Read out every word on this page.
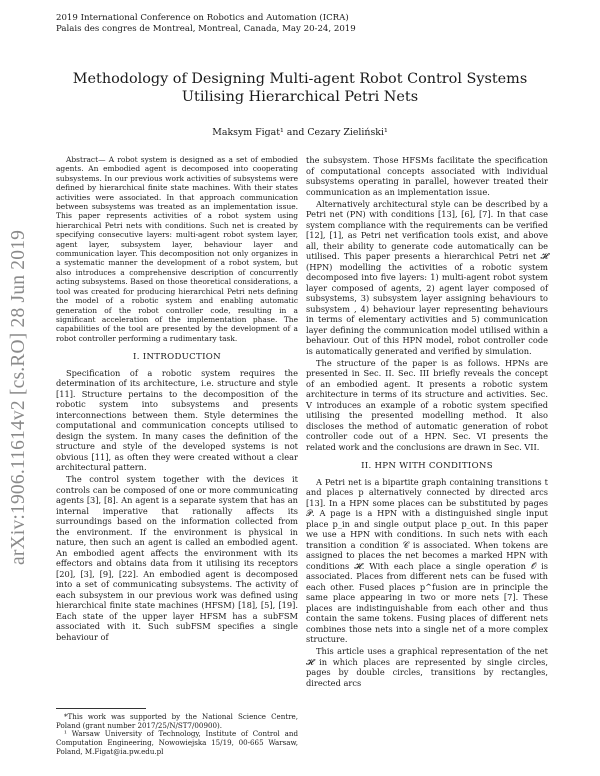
2019 International Conference on Robotics and Automation (ICRA)
Palais des congres de Montreal, Montreal, Canada, May 20-24, 2019
arXiv:1906.11614v2 [cs.RO] 28 Jun 2019
Methodology of Designing Multi-agent Robot Control Systems Utilising Hierarchical Petri Nets
Maksym Figat¹ and Cezary Zieliński¹

Abstract— A robot system is designed as a set of embodied agents. An embodied agent is decomposed into cooperating subsystems. In our previous work activities of subsystems were defined by hierarchical finite state machines. With their states activities were associated. In that approach communication between subsystems was treated as an implementation issue. This paper represents activities of a robot system using hierarchical Petri nets with conditions. Such net is created by specifying consecutive layers: multi-agent robot system layer, agent layer, subsystem layer, behaviour layer and communication layer. This decomposition not only organizes in a systematic manner the development of a robot system, but also introduces a comprehensive description of concurrently acting subsystems. Based on those theoretical considerations, a tool was created for producing hierarchical Petri nets defining the model of a robotic system and enabling automatic generation of the robot controller code, resulting in a significant acceleration of the implementation phase. The capabilities of the tool are presented by the development of a robot controller performing a rudimentary task.

I. INTRODUCTION

Specification of a robotic system requires the determination of its architecture, i.e. structure and style [11]. Structure pertains to the decomposition of the robotic system into subsystems and presents interconnections between them. Style determines the computational and communication concepts utilised to design the system. In many cases the definition of the structure and style of the developed systems is not obvious [11], as often they were created without a clear architectural pattern.

The control system together with the devices it controls can be composed of one or more communicating agents [3], [8]. An agent is a separate system that has an internal imperative that rationally affects its surroundings based on the information collected from the environment. If the environment is physical in nature, then such an agent is called an embodied agent. An embodied agent affects the environment with its effectors and obtains data from it utilising its receptors [20], [3], [9], [22]. An embodied agent is decomposed into a set of communicating subsystems. The activity of each subsystem in our previous work was defined using hierarchical finite state machines (HFSM) [18], [5], [19]. Each state of the upper layer HFSM has a subFSM associated with it. Such subFSM specifies a single behaviour of

the subsystem. Those HFSMs facilitate the specification of computational concepts associated with individual subsystems operating in parallel, however treated their communication as an implementation issue.

Alternatively architectural style can be described by a Petri net (PN) with conditions [13], [6], [7]. In that case system compliance with the requirements can be verified [12], [1], as Petri net verification tools exist, and above all, their ability to generate code automatically can be utilised. This paper presents a hierarchical Petri net 𝓗 (HPN) modelling the activities of a robotic system decomposed into five layers: 1) multi-agent robot system layer composed of agents, 2) agent layer composed of subsystems, 3) subsystem layer assigning behaviours to subsystem , 4) behaviour layer representing behaviours in terms of elementary activities and 5) communication layer defining the communication model utilised within a behaviour. Out of this HPN model, robot controller code is automatically generated and verified by simulation.

The structure of the paper is as follows. HPNs are presented in Sec. II. Sec. III briefly reveals the concept of an embodied agent. It presents a robotic system architecture in terms of its structure and activities. Sec. V introduces an example of a robotic system specified utilising the presented modelling method. It also discloses the method of automatic generation of robot controller code out of a HPN. Sec. VI presents the related work and the conclusions are drawn in Sec. VII.

II. HPN WITH CONDITIONS

A Petri net is a bipartite graph containing transitions t and places p alternatively connected by directed arcs [13]. In a HPN some places can be substituted by pages 𝒫. A page is a HPN with a distinguished single input place p_in and single output place p_out. In this paper we use a HPN with conditions. In such nets with each transition a condition 𝒞 is associated. When tokens are assigned to places the net becomes a marked HPN with conditions 𝓗. With each place a single operation 𝒪 is associated. Places from different nets can be fused with each other. Fused places p^fusion are in principle the same place appearing in two or more nets [7]. These places are indistinguishable from each other and thus contain the same tokens. Fusing places of different nets combines those nets into a single net of a more complex structure.

This article uses a graphical representation of the net 𝓗 in which places are represented by single circles, pages by double circles, transitions by rectangles, directed arcs

*This work was supported by the National Science Centre, Poland (grant number 2017/25/N/ST7/00900).

¹ Warsaw University of Technology, Institute of Control and Computation Engineering, Nowowiejska 15/19, 00-665 Warsaw, Poland, M.Figat@ia.pw.edu.pl
